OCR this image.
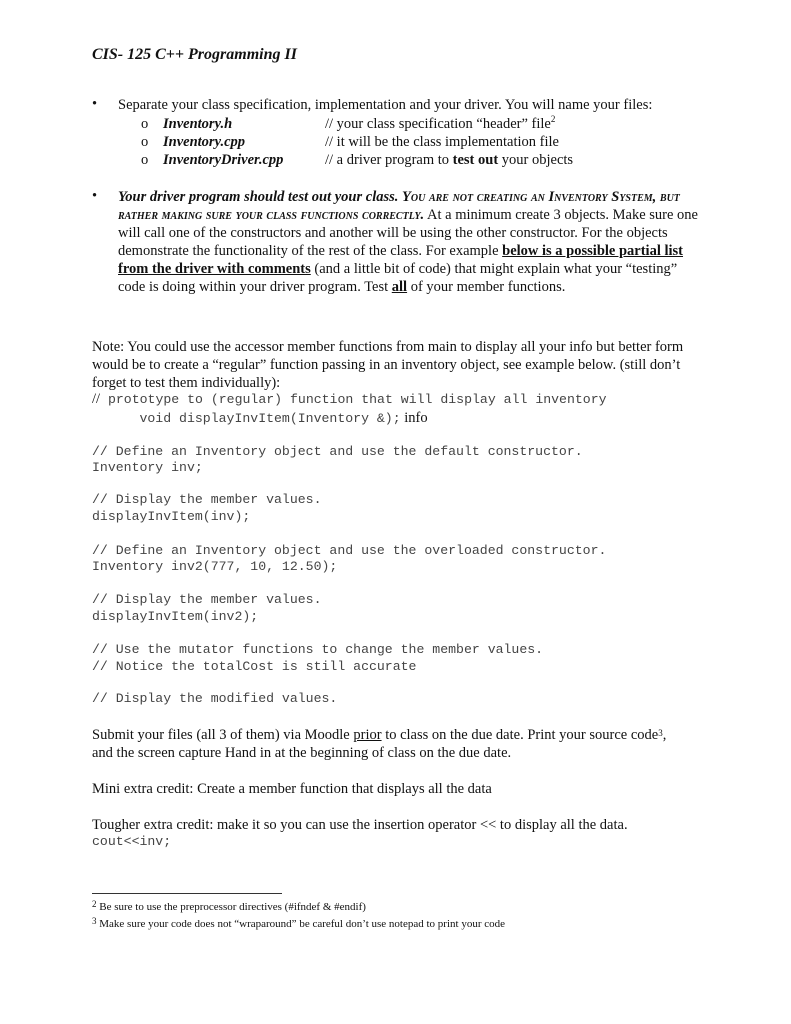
CIS- 125 C++ Programming II
• Separate your class specification, implementation and your driver. You will name your files:
o Inventory.h	// your class specification “header” file$^2$
o Inventory.cpp	// it will be the class implementation file
o InventoryDriver.cpp	// a driver program to test out your objects
• Your driver program should test out your class. You are not creating an Inventory System, but rather making sure your class functions correctly. At a minimum create 3 objects. Make sure one will call one of the constructors and another will be using the other constructor. For the objects demonstrate the functionality of the rest of the class. For example below is a possible partial list from the driver with comments (and a little bit of code) that might explain what your “testing” code is doing within your driver program. Test all of your member functions.
Note: You could use the accessor member functions from main to display all your info but better form would be to create a “regular” function passing in an inventory object, see example below. (still don’t forget to test them individually):
// prototype to (regular) function that will display all inventory
void displayInvItem(Inventory &); info
// Define an Inventory object and use the default constructor.
Inventory inv;
// Display the member values.
displayInvItem(inv);
// Define an Inventory object and use the overloaded constructor.
Inventory inv2(777, 10, 12.50);
// Display the member values.
displayInvItem(inv2);
// Use the mutator functions to change the member values.
// Notice the totalCost is still accurate
// Display the modified values.
Submit your files (all 3 of them) via Moodle prior to class on the due date. Print your source code$^3$, and the screen capture Hand in at the beginning of class on the due date.
Mini extra credit: Create a member function that displays all the data
Tougher extra credit: make it so you can use the insertion operator << to display all the data.
cout<<inv;
$^2$ Be sure to use the preprocessor directives (#ifndef & #endif)
$^3$ Make sure your code does not “wraparound” be careful don’t use notepad to print your code
